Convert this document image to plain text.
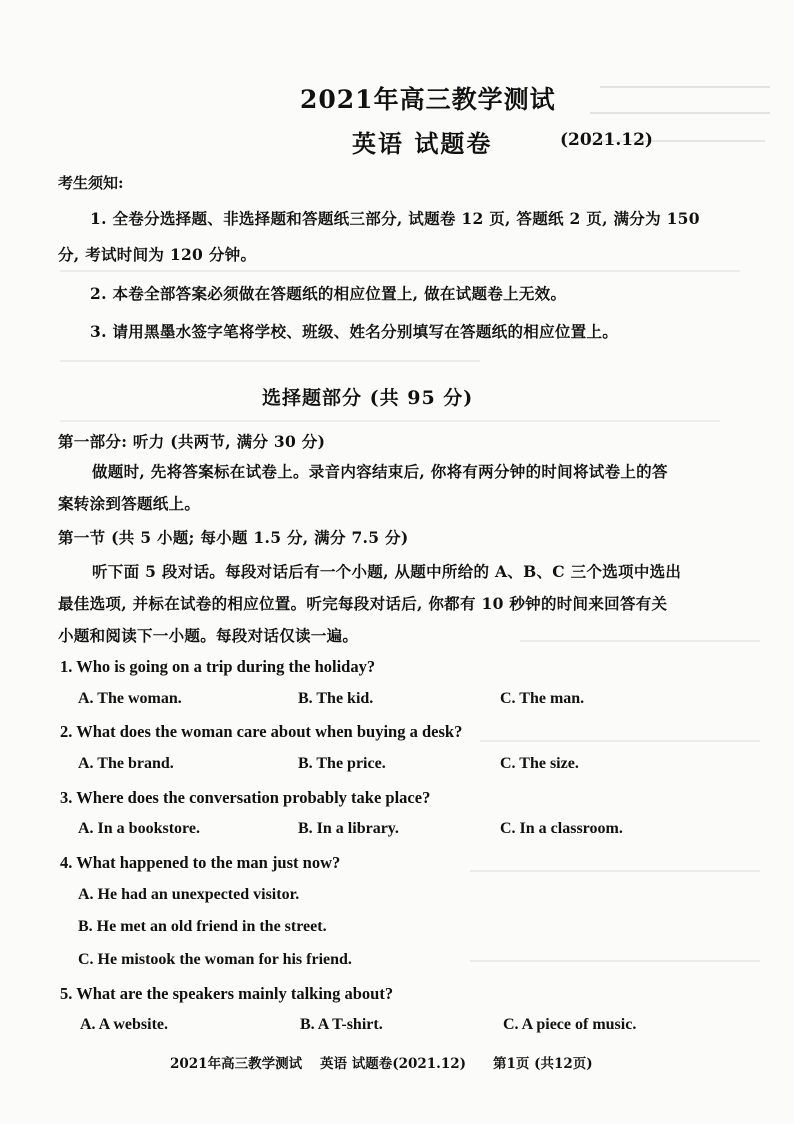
2021年高三教学测试
英语 试题卷	(2021.12)
考生须知:
1. 全卷分选择题、非选择题和答题纸三部分, 试题卷 12 页, 答题纸 2 页, 满分为 150
分, 考试时间为 120 分钟。
2. 本卷全部答案必须做在答题纸的相应位置上, 做在试题卷上无效。
3. 请用黑墨水签字笔将学校、班级、姓名分别填写在答题纸的相应位置上。
选择题部分 (共 95 分)
第一部分: 听力 (共两节, 满分 30 分)
做题时, 先将答案标在试卷上。录音内容结束后, 你将有两分钟的时间将试卷上的答
案转涂到答题纸上。
第一节 (共 5 小题; 每小题 1.5 分, 满分 7.5 分)
听下面 5 段对话。每段对话后有一个小题, 从题中所给的 A、B、C 三个选项中选出
最佳选项, 并标在试卷的相应位置。听完每段对话后, 你都有 10 秒钟的时间来回答有关
小题和阅读下一小题。每段对话仅读一遍。
1. Who is going on a trip during the holiday?
A. The woman.	B. The kid.	C. The man.
2. What does the woman care about when buying a desk?
A. The brand.	B. The price.	C. The size.
3. Where does the conversation probably take place?
A. In a bookstore.	B. In a library.	C. In a classroom.
4. What happened to the man just now?
A. He had an unexpected visitor.
B. He met an old friend in the street.
C. He mistook the woman for his friend.
5. What are the speakers mainly talking about?
A. A website.	B. A T-shirt.	C. A piece of music.
2021年高三教学测试 英语 试题卷(2021.12) 第1页 (共12页)
